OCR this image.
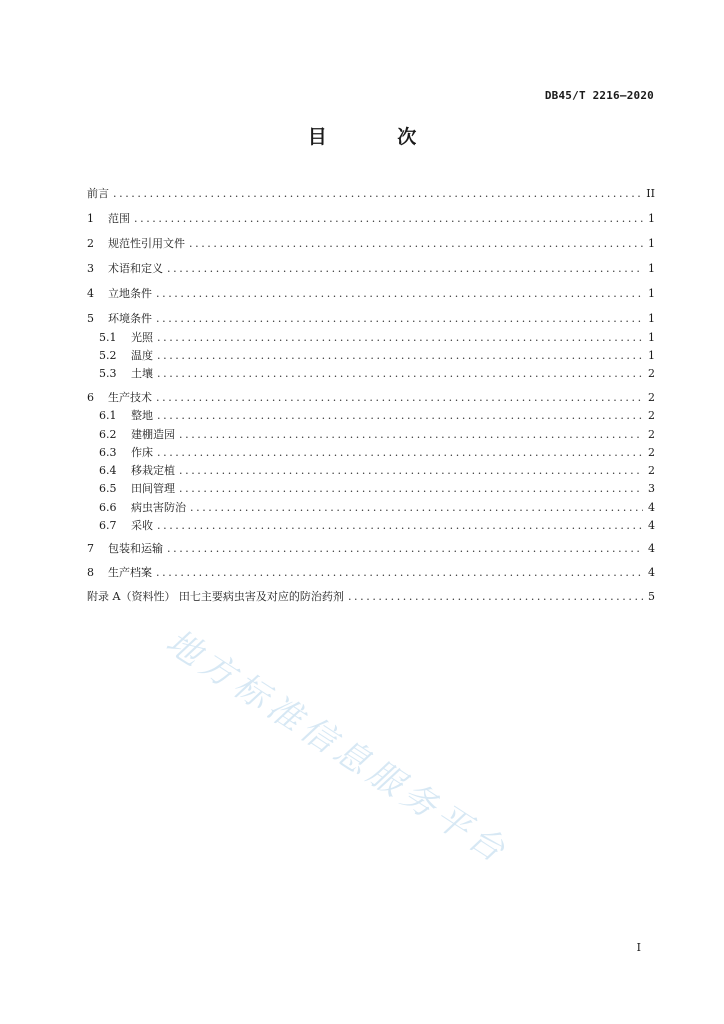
DB45/T 2216—2020
目 次
前言 .....	II
1 范围 .....	1
2 规范性引用文件 .....	1
3 术语和定义 .....	1
4 立地条件 .....	1
5 环境条件 .....	1
5.1 光照 .....	1
5.2 温度 .....	1
5.3 土壤 .....	2
6 生产技术 .....	2
6.1 整地 .....	2
6.2 建棚造园 .....	2
6.3 作床 .....	2
6.4 移栽定植 .....	2
6.5 田间管理 .....	3
6.6 病虫害防治 .....	4
6.7 采收 .....	4
7 包装和运输 .....	4
8 生产档案 .....	4
附录 A（资料性） 田七主要病虫害及对应的防治药剂 .....	5
地方标准信息服务平台
I
